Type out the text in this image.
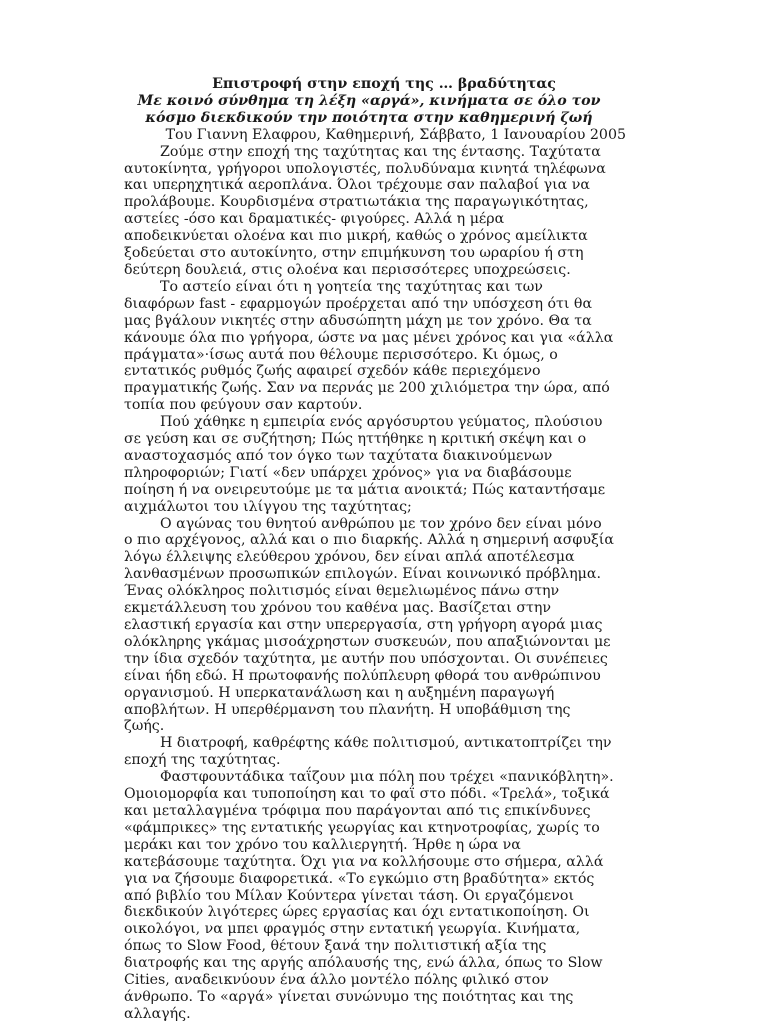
Επιστροφή στην εποχή της … βραδύτητας

Με κοινό σύνθημα τη λέξη «αργά», κινήματα σε όλο τον κόσμο διεκδικούν την ποιότητα στην καθημερινή ζωή

Του Γιαννη Ελαφρου, Καθημερινή, Σάββατο, 1 Ιανουαρίου 2005

Ζούμε στην εποχή της ταχύτητας και της έντασης. Ταχύτατα αυτοκίνητα, γρήγοροι υπολογιστές, πολυδύναμα κινητά τηλέφωνα και υπερηχητικά αεροπλάνα. Όλοι τρέχουμε σαν παλαβοί για να προλάβουμε. Κουρδισμένα στρατιωτάκια της παραγωγικότητας, αστείες -όσο και δραματικές- φιγούρες. Αλλά η μέρα αποδεικνύεται ολοένα και πιο μικρή, καθώς ο χρόνος αμείλικτα ξοδεύεται στο αυτοκίνητο, στην επιμήκυνση του ωραρίου ή στη δεύτερη δουλειά, στις ολοένα και περισσότερες υποχρεώσεις.

Το αστείο είναι ότι η γοητεία της ταχύτητας και των διαφόρων fast - εφαρμογών προέρχεται από την υπόσχεση ότι θα μας βγάλουν νικητές στην αδυσώπητη μάχη με τον χρόνο. Θα τα κάνουμε όλα πιο γρήγορα, ώστε να μας μένει χρόνος και για «άλλα πράγματα»·ίσως αυτά που θέλουμε περισσότερο. Κι όμως, ο εντατικός ρυθμός ζωής αφαιρεί σχεδόν κάθε περιεχόμενο πραγματικής ζωής. Σαν να περνάς με 200 χιλιόμετρα την ώρα, από τοπία που φεύγουν σαν καρτούν.

Πού χάθηκε η εμπειρία ενός αργόσυρτου γεύματος, πλούσιου σε γεύση και σε συζήτηση; Πώς ηττήθηκε η κριτική σκέψη και ο αναστοχασμός από τον όγκο των ταχύτατα διακινούμενων πληροφοριών; Γιατί «δεν υπάρχει χρόνος» για να διαβάσουμε ποίηση ή να ονειρευτούμε με τα μάτια ανοικτά; Πώς καταντήσαμε αιχμάλωτοι του ιλίγγου της ταχύτητας;

Ο αγώνας του θνητού ανθρώπου με τον χρόνο δεν είναι μόνο ο πιο αρχέγονος, αλλά και ο πιο διαρκής. Αλλά η σημερινή ασφυξία λόγω έλλειψης ελεύθερου χρόνου, δεν είναι απλά αποτέλεσμα λανθασμένων προσωπικών επιλογών. Είναι κοινωνικό πρόβλημα. Ένας ολόκληρος πολιτισμός είναι θεμελιωμένος πάνω στην εκμετάλλευση του χρόνου του καθένα μας. Βασίζεται στην ελαστική εργασία και στην υπερεργασία, στη γρήγορη αγορά μιας ολόκληρης γκάμας μισοάχρηστων συσκευών, που απαξιώνονται με την ίδια σχεδόν ταχύτητα, με αυτήν που υπόσχονται. Οι συνέπειες είναι ήδη εδώ. Η πρωτοφανής πολύπλευρη φθορά του ανθρώπινου οργανισμού. Η υπερκατανάλωση και η αυξημένη παραγωγή αποβλήτων. Η υπερθέρμανση του πλανήτη. Η υποβάθμιση της ζωής.

Η διατροφή, καθρέφτης κάθε πολιτισμού, αντικατοπτρίζει την εποχή της ταχύτητας.

Φαστφουντάδικα ταΐζουν μια πόλη που τρέχει «πανικόβλητη». Ομοιομορφία και τυποποίηση και το φαΐ στο πόδι. «Τρελά», τοξικά και μεταλλαγμένα τρόφιμα που παράγονται από τις επικίνδυνες «φάμπρικες» της εντατικής γεωργίας και κτηνοτροφίας, χωρίς το μεράκι και τον χρόνο του καλλιεργητή. Ήρθε η ώρα να κατεβάσουμε ταχύτητα. Όχι για να κολλήσουμε στο σήμερα, αλλά για να ζήσουμε διαφορετικά. «Το εγκώμιο στη βραδύτητα» εκτός από βιβλίο του Μίλαν Κούντερα γίνεται τάση. Οι εργαζόμενοι διεκδικούν λιγότερες ώρες εργασίας και όχι εντατικοποίηση. Οι οικολόγοι, να μπει φραγμός στην εντατική γεωργία. Κινήματα, όπως το Slow Food, θέτουν ξανά την πολιτιστική αξία της διατροφής και της αργής απόλαυσής της, ενώ άλλα, όπως το Slow Cities, αναδεικνύουν ένα άλλο μοντέλο πόλης φιλικό στον άνθρωπο. Το «αργά» γίνεται συνώνυμο της ποιότητας και της αλλαγής.
